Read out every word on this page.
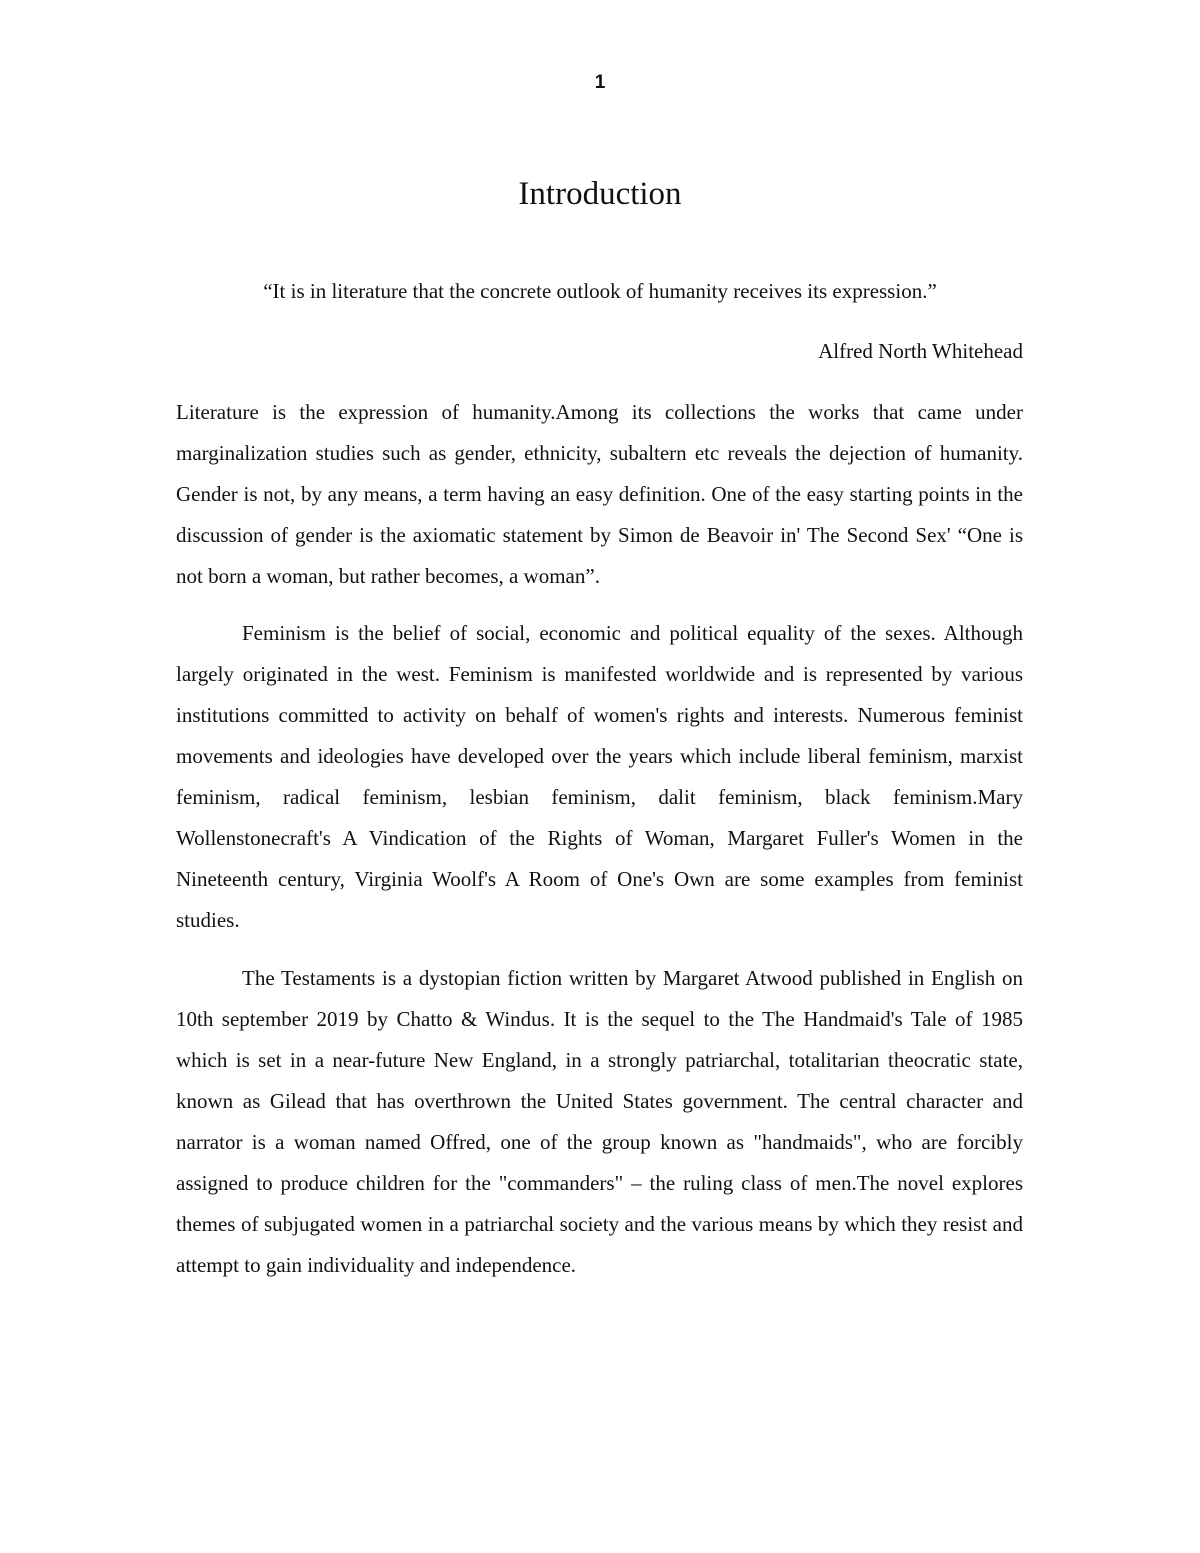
1
Introduction

“It is in literature that the concrete outlook of humanity receives its expression.”

Alfred North Whitehead

Literature is the expression of humanity.Among its collections the works that came under marginalization studies such as gender, ethnicity, subaltern etc reveals the dejection of humanity. Gender is not, by any means, a term having an easy definition. One of the easy starting points in the discussion of gender is the axiomatic statement by Simon de Beavoir in' The Second Sex' “One is not born a woman, but rather becomes, a woman”.

Feminism is the belief of social, economic and political equality of the sexes. Although largely originated in the west. Feminism is manifested worldwide and is represented by various institutions committed to activity on behalf of women's rights and interests. Numerous feminist movements and ideologies have developed over the years which include liberal feminism, marxist feminism, radical feminism, lesbian feminism, dalit feminism, black feminism.Mary Wollenstonecraft's A Vindication of the Rights of Woman, Margaret Fuller's Women in the Nineteenth century, Virginia Woolf's A Room of One's Own are some examples from feminist studies.

The Testaments is a dystopian fiction written by Margaret Atwood published in English on 10th september 2019 by Chatto & Windus. It is the sequel to the The Handmaid's Tale of 1985 which is set in a near-future New England, in a strongly patriarchal, totalitarian theocratic state, known as Gilead that has overthrown the United States government. The central character and narrator is a woman named Offred, one of the group known as "handmaids", who are forcibly assigned to produce children for the "commanders" – the ruling class of men.The novel explores themes of subjugated women in a patriarchal society and the various means by which they resist and attempt to gain individuality and independence.
